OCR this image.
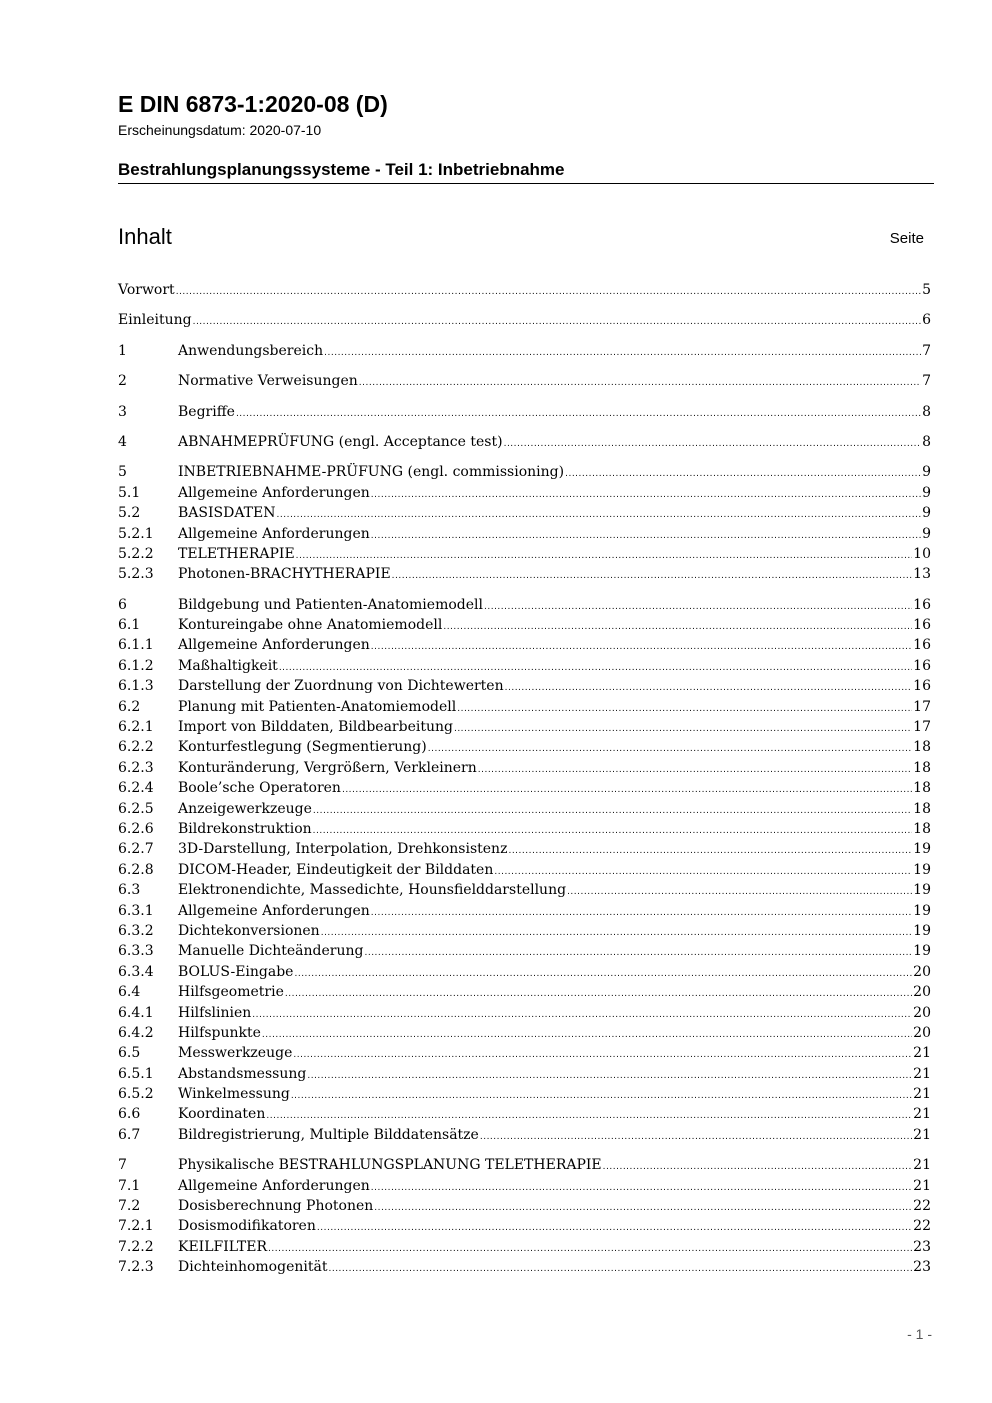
E DIN 6873-1:2020-08 (D)
Erscheinungsdatum: 2020-07-10
Bestrahlungsplanungssysteme - Teil 1: Inbetriebnahme
Inhalt	Seite
Vorwort .....	5
Einleitung .....	6
1	Anwendungsbereich .....	7
2	Normative Verweisungen .....	7
3	Begriffe .....	8
4	ABNAHMEPRÜFUNG (engl. Acceptance test) .....	8
5	INBETRIEBNAHME-PRÜFUNG (engl. commissioning) .....	9
5.1	Allgemeine Anforderungen .....	9
5.2	BASISDATEN .....	9
5.2.1	Allgemeine Anforderungen .....	9
5.2.2	TELETHERAPIE .....	10
5.2.3	Photonen-BRACHYTHERAPIE .....	13
6	Bildgebung und Patienten-Anatomiemodell .....	16
6.1	Kontureingabe ohne Anatomiemodell .....	16
6.1.1	Allgemeine Anforderungen .....	16
6.1.2	Maßhaltigkeit .....	16
6.1.3	Darstellung der Zuordnung von Dichtewerten .....	16
6.2	Planung mit Patienten-Anatomiemodell .....	17
6.2.1	Import von Bilddaten, Bildbearbeitung .....	17
6.2.2	Konturfestlegung (Segmentierung) .....	18
6.2.3	Konturänderung, Vergrößern, Verkleinern .....	18
6.2.4	Boole’sche Operatoren .....	18
6.2.5	Anzeigewerkzeuge .....	18
6.2.6	Bildrekonstruktion .....	18
6.2.7	3D-Darstellung, Interpolation, Drehkonsistenz .....	19
6.2.8	DICOM-Header, Eindeutigkeit der Bilddaten .....	19
6.3	Elektronendichte, Massedichte, Hounsfielddarstellung .....	19
6.3.1	Allgemeine Anforderungen .....	19
6.3.2	Dichtekonversionen .....	19
6.3.3	Manuelle Dichteänderung .....	19
6.3.4	BOLUS-Eingabe .....	20
6.4	Hilfsgeometrie .....	20
6.4.1	Hilfslinien .....	20
6.4.2	Hilfspunkte .....	20
6.5	Messwerkzeuge .....	21
6.5.1	Abstandsmessung .....	21
6.5.2	Winkelmessung .....	21
6.6	Koordinaten .....	21
6.7	Bildregistrierung, Multiple Bilddatensätze .....	21
7	Physikalische BESTRAHLUNGSPLANUNG TELETHERAPIE .....	21
7.1	Allgemeine Anforderungen .....	21
7.2	Dosisberechnung Photonen .....	22
7.2.1	Dosismodifikatoren .....	22
7.2.2	KEILFILTER .....	23
7.2.3	Dichteinhomogenität .....	23
- 1 -
